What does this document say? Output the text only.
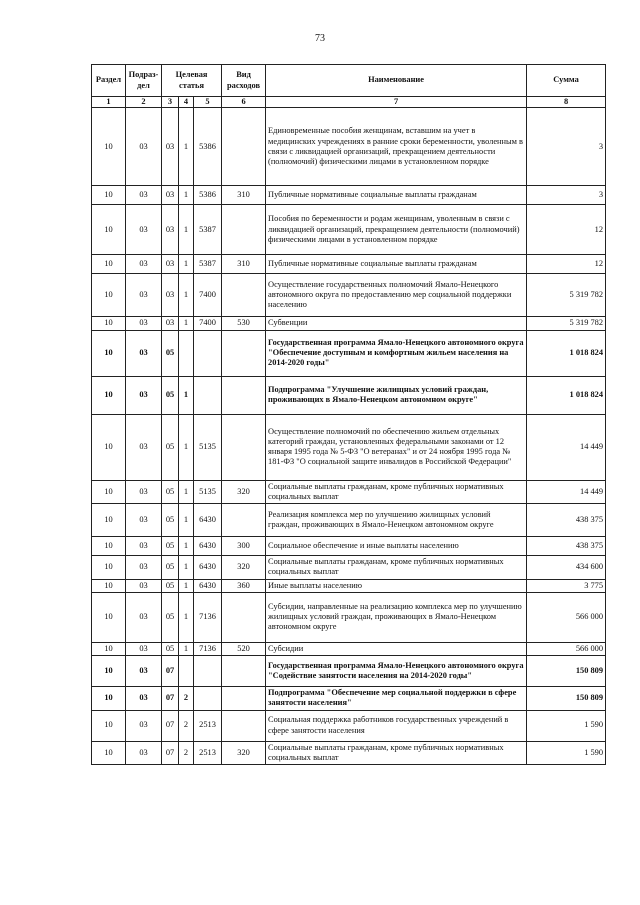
73
Раздел	Подраз-дел	Целевая статья			Вид расходов	Наименование	Сумма
1	2	3	4	5	6	7	8
10	03	03	1	5386		Единовременные пособия женщинам, вставшим на учет в медицинских учреждениях в ранние сроки беременности, уволенным в связи с ликвидацией организаций, прекращением деятельности (полномочий) физическими лицами в установленном порядке	3
10	03	03	1	5386	310	Публичные нормативные социальные выплаты гражданам	3
10	03	03	1	5387		Пособия по беременности и родам женщинам, уволенным в связи с ликвидацией организаций, прекращением деятельности (полномочий) физическими лицами в установленном порядке	12
10	03	03	1	5387	310	Публичные нормативные социальные выплаты гражданам	12
10	03	03	1	7400		Осуществление государственных полномочий Ямало-Ненецкого автономного округа по предоставлению мер социальной поддержки населению	5 319 782
10	03	03	1	7400	530	Субвенции	5 319 782
10	03	05				Государственная программа Ямало-Ненецкого автономного округа "Обеспечение доступным и комфортным жильем населения на 2014-2020 годы"	1 018 824
10	03	05	1			Подпрограмма "Улучшение жилищных условий граждан, проживающих в Ямало-Ненецком автономном округе"	1 018 824
10	03	05	1	5135		Осуществление полномочий по обеспечению жильем отдельных категорий граждан, установленных федеральными законами от 12 января 1995 года № 5-ФЗ "О ветеранах" и от 24 ноября 1995 года № 181-ФЗ "О социальной защите инвалидов в Российской Федерации"	14 449
10	03	05	1	5135	320	Социальные выплаты гражданам, кроме публичных нормативных социальных выплат	14 449
10	03	05	1	6430		Реализация комплекса мер по улучшению жилищных условий граждан, проживающих в Ямало-Ненецком автономном округе	438 375
10	03	05	1	6430	300	Социальное обеспечение и иные выплаты населению	438 375
10	03	05	1	6430	320	Социальные выплаты гражданам, кроме публичных нормативных социальных выплат	434 600
10	03	05	1	6430	360	Иные выплаты населению	3 775
10	03	05	1	7136		Субсидии, направленные на реализацию комплекса мер по улучшению жилищных условий граждан, проживающих в Ямало-Ненецком автономном округе	566 000
10	03	05	1	7136	520	Субсидии	566 000
10	03	07				Государственная программа Ямало-Ненецкого автономного округа "Содействие занятости населения на 2014-2020 годы"	150 809
10	03	07	2			Подпрограмма "Обеспечение мер социальной поддержки в сфере занятости населения"	150 809
10	03	07	2	2513		Социальная поддержка работников государственных учреждений в сфере занятости населения	1 590
10	03	07	2	2513	320	Социальные выплаты гражданам, кроме публичных нормативных социальных выплат	1 590
